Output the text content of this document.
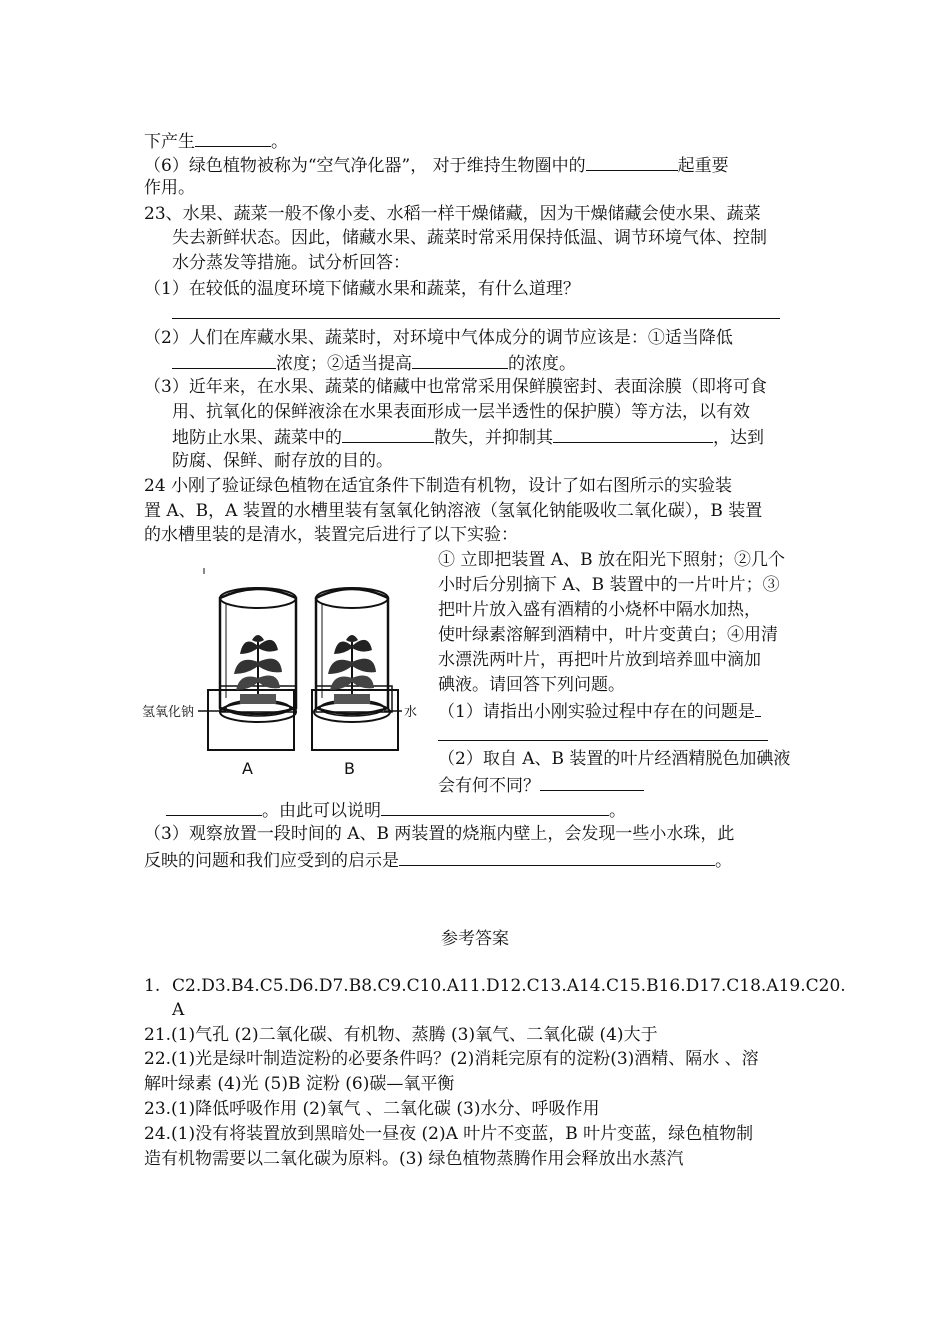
下产生	。
（6）绿色植物被称为“空气净化器”， 对于维持生物圈中的	起重要
作用。
23、水果、蔬菜一般不像小麦、水稻一样干燥储藏，因为干燥储藏会使水果、蔬菜
失去新鲜状态。因此，储藏水果、蔬菜时常采用保持低温、调节环境气体、控制
水分蒸发等措施。试分析回答：
（1）在较低的温度环境下储藏水果和蔬菜，有什么道理？
（2）人们在库藏水果、蔬菜时，对环境中气体成分的调节应该是：①适当降低
浓度；②适当提高	的浓度。
（3）近年来，在水果、蔬菜的储藏中也常常采用保鲜膜密封、表面涂膜（即将可食
用、抗氧化的保鲜液涂在水果表面形成一层半透性的保护膜）等方法，以有效
地防止水果、蔬菜中的	散失，并抑制其	，达到
防腐、保鲜、耐存放的目的。
24 小刚了验证绿色植物在适宜条件下制造有机物，设计了如右图所示的实验装
置 A、B，A 装置的水槽里装有氢氧化钠溶液（氢氧化钠能吸收二氧化碳），B 装置
的水槽里装的是清水，装置完后进行了以下实验：
① 立即把装置 A、B 放在阳光下照射；②几个
小时后分别摘下 A、B 装置中的一片叶片；③
把叶片放入盛有酒精的小烧杯中隔水加热，
使叶绿素溶解到酒精中，叶片变黄白；④用清
水漂洗两叶片，再把叶片放到培养皿中滴加
碘液。请回答下列问题。
（1）请指出小刚实验过程中存在的问题是
（2）取自 A、B 装置的叶片经酒精脱色加碘液
会有何不同？
。由此可以说明	。
（3）观察放置一段时间的 A、B 两装置的烧瓶内壁上，会发现一些小水珠，此
反映的问题和我们应受到的启示是	。
氢氧化钠	水
A	B
参考答案
1. C2.D3.B4.C5.D6.D7.B8.C9.C10.A11.D12.C13.A14.C15.B16.D17.C18.A19.C20.
A
21.(1)气孔 (2)二氧化碳、有机物、蒸腾 (3)氧气、二氧化碳 (4)大于
22.(1)光是绿叶制造淀粉的必要条件吗？(2)消耗完原有的淀粉(3)酒精、隔水 、溶
解叶绿素 (4)光 (5)B 淀粉 (6)碳—氧平衡
23.(1)降低呼吸作用 (2)氧气 、二氧化碳 (3)水分、呼吸作用
24.(1)没有将装置放到黑暗处一昼夜 (2)A 叶片不变蓝，B 叶片变蓝，绿色植物制
造有机物需要以二氧化碳为原料。(3) 绿色植物蒸腾作用会释放出水蒸汽
